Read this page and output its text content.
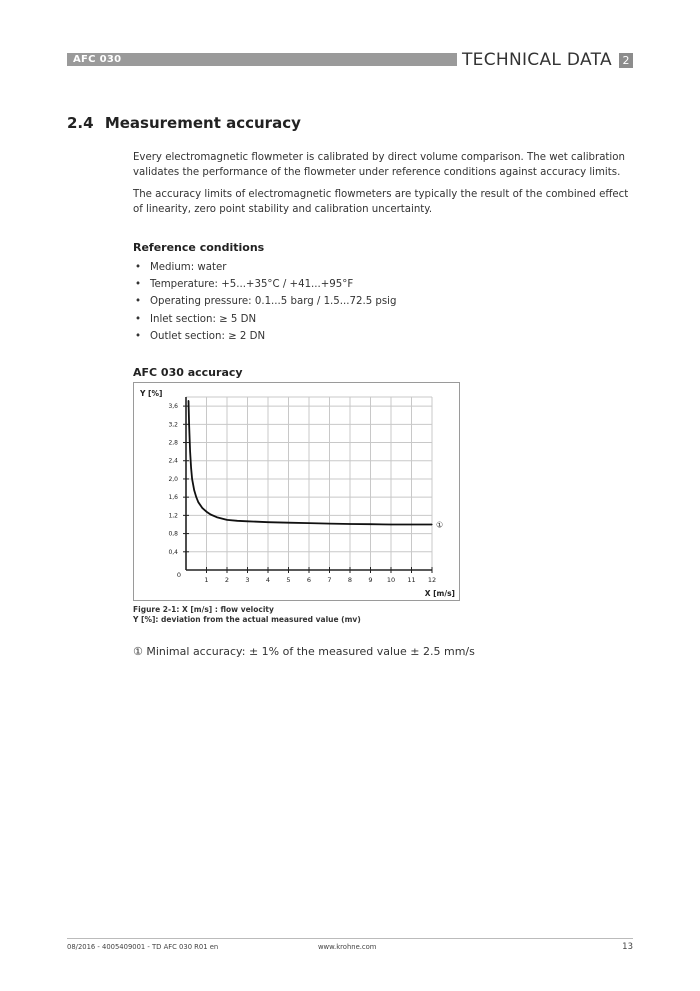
AFC 030	TECHNICAL DATA 2
2.4 Measurement accuracy

Every electromagnetic flowmeter is calibrated by direct volume comparison. The wet calibration validates the performance of the flowmeter under reference conditions against accuracy limits.

The accuracy limits of electromagnetic flowmeters are typically the result of the combined effect of linearity, zero point stability and calibration uncertainty.

Reference conditions
• Medium: water
• Temperature: +5...+35°C / +41...+95°F
• Operating pressure: 0.1...5 barg / 1.5...72.5 psig
• Inlet section: ≥ 5 DN
• Outlet section: ≥ 2 DN
AFC 030 accuracy
1	2	3	4	5	6	7	8	9 10 11 12
0,4
0,8
1,2
1,6
2,0
2,4
2,8
3,2
3,6
0
Y [%]
X [m/s]
①
Figure 2-1: X [m/s] : flow velocity
Y [%]: deviation from the actual measured value (mv)
① Minimal accuracy: ± 1% of the measured value ± 2.5 mm/s
08/2016 - 4005409001 - TD AFC 030 R01 en	www.krohne.com	13
